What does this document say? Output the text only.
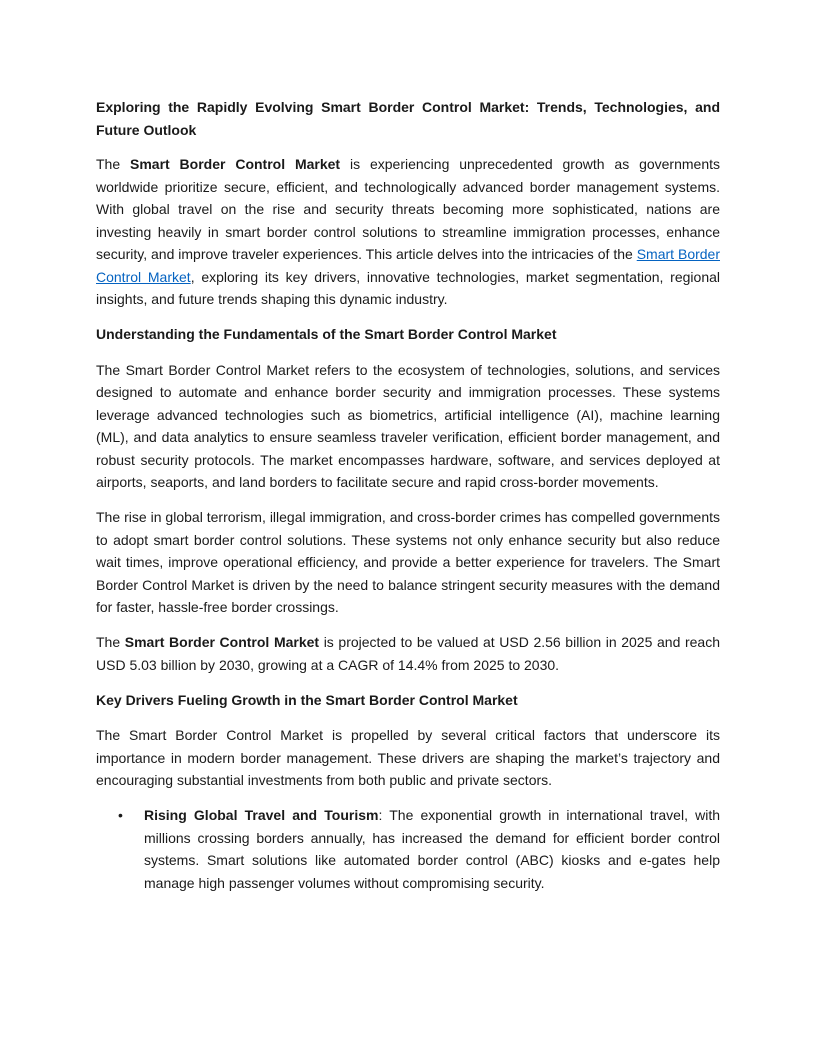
Exploring the Rapidly Evolving Smart Border Control Market: Trends, Technologies, and Future Outlook

The Smart Border Control Market is experiencing unprecedented growth as governments worldwide prioritize secure, efficient, and technologically advanced border management systems. With global travel on the rise and security threats becoming more sophisticated, nations are investing heavily in smart border control solutions to streamline immigration processes, enhance security, and improve traveler experiences. This article delves into the intricacies of the Smart Border Control Market, exploring its key drivers, innovative technologies, market segmentation, regional insights, and future trends shaping this dynamic industry.

Understanding the Fundamentals of the Smart Border Control Market

The Smart Border Control Market refers to the ecosystem of technologies, solutions, and services designed to automate and enhance border security and immigration processes. These systems leverage advanced technologies such as biometrics, artificial intelligence (AI), machine learning (ML), and data analytics to ensure seamless traveler verification, efficient border management, and robust security protocols. The market encompasses hardware, software, and services deployed at airports, seaports, and land borders to facilitate secure and rapid cross-border movements.

The rise in global terrorism, illegal immigration, and cross-border crimes has compelled governments to adopt smart border control solutions. These systems not only enhance security but also reduce wait times, improve operational efficiency, and provide a better experience for travelers. The Smart Border Control Market is driven by the need to balance stringent security measures with the demand for faster, hassle-free border crossings.

The Smart Border Control Market is projected to be valued at USD 2.56 billion in 2025 and reach USD 5.03 billion by 2030, growing at a CAGR of 14.4% from 2025 to 2030.

Key Drivers Fueling Growth in the Smart Border Control Market

The Smart Border Control Market is propelled by several critical factors that underscore its importance in modern border management. These drivers are shaping the market’s trajectory and encouraging substantial investments from both public and private sectors.

• Rising Global Travel and Tourism: The exponential growth in international travel, with millions crossing borders annually, has increased the demand for efficient border control systems. Smart solutions like automated border control (ABC) kiosks and e-gates help manage high passenger volumes without compromising security.
